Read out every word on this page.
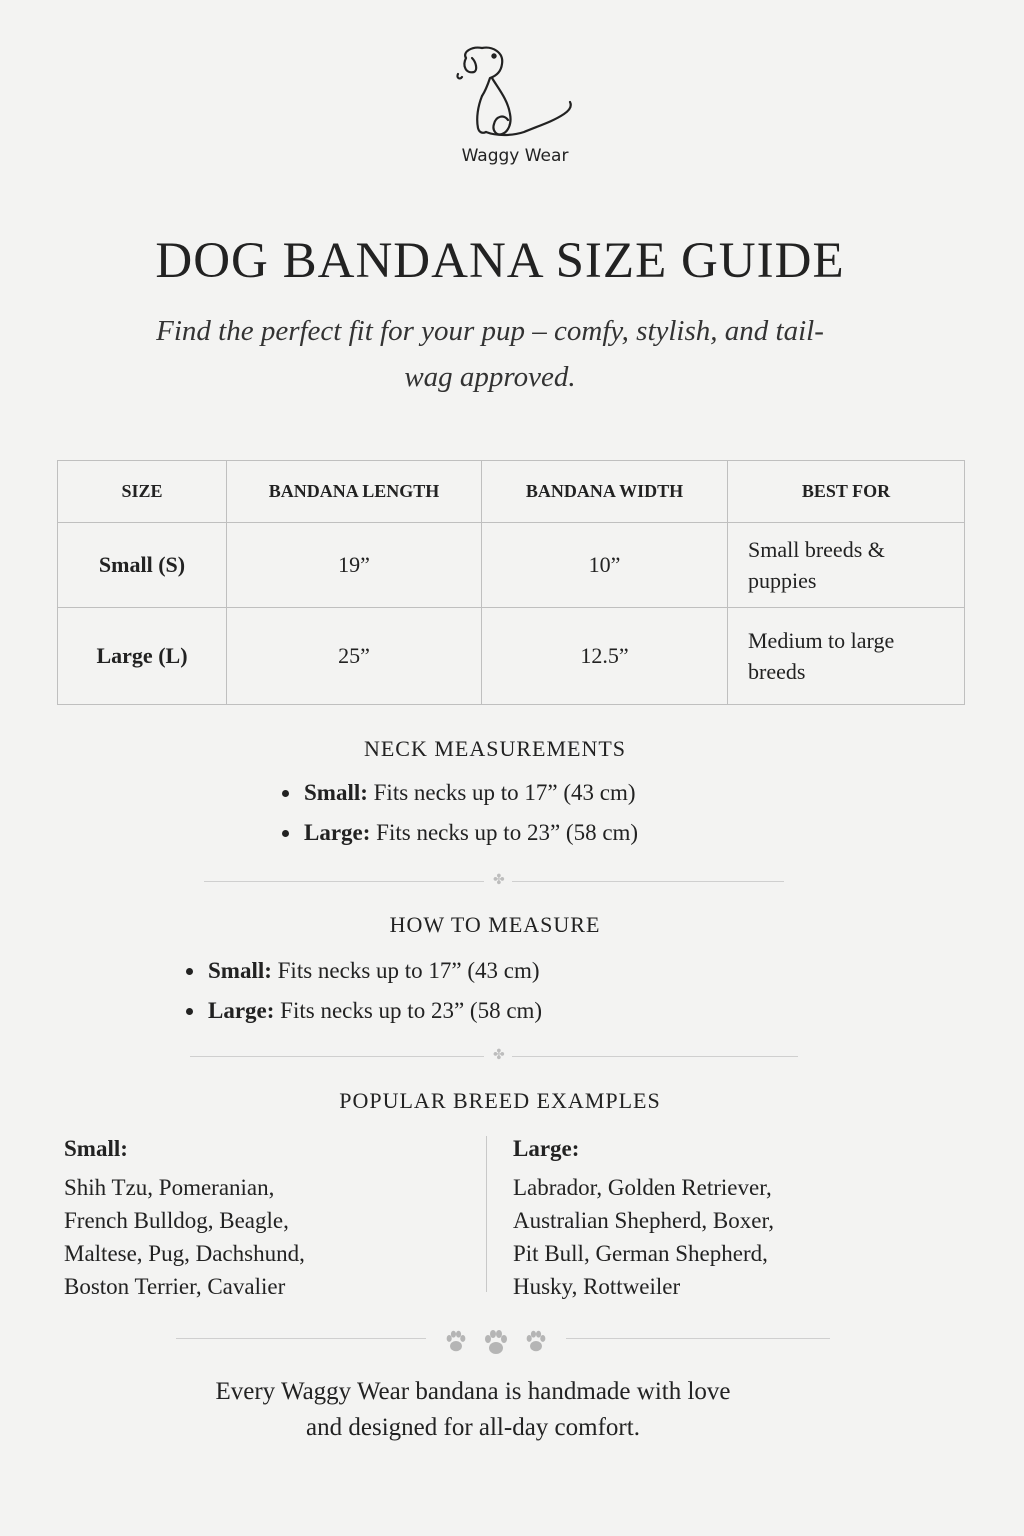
Waggy Wear
DOG BANDANA SIZE GUIDE
Find the perfect fit for your pup – comfy, stylish, and tail-wag approved.
SIZE	BANDANA LENGTH	BANDANA WIDTH	BEST FOR
Small (S)	19”	10”	Small breeds & puppies
Large (L)	25”	12.5”	Medium to large breeds
NECK MEASUREMENTS
Small: Fits necks up to 17” (43 cm)
Large: Fits necks up to 23” (58 cm)
✤
HOW TO MEASURE
Small: Fits necks up to 17” (43 cm)
Large: Fits necks up to 23” (58 cm)
✤
POPULAR BREED EXAMPLES
Small:
Shih Tzu, Pomeranian,
French Bulldog, Beagle,
Maltese, Pug, Dachshund,
Boston Terrier, Cavalier
Large:
Labrador, Golden Retriever,
Australian Shepherd, Boxer,
Pit Bull, German Shepherd,
Husky, Rottweiler
Every Waggy Wear bandana is handmade with love
and designed for all-day comfort.
